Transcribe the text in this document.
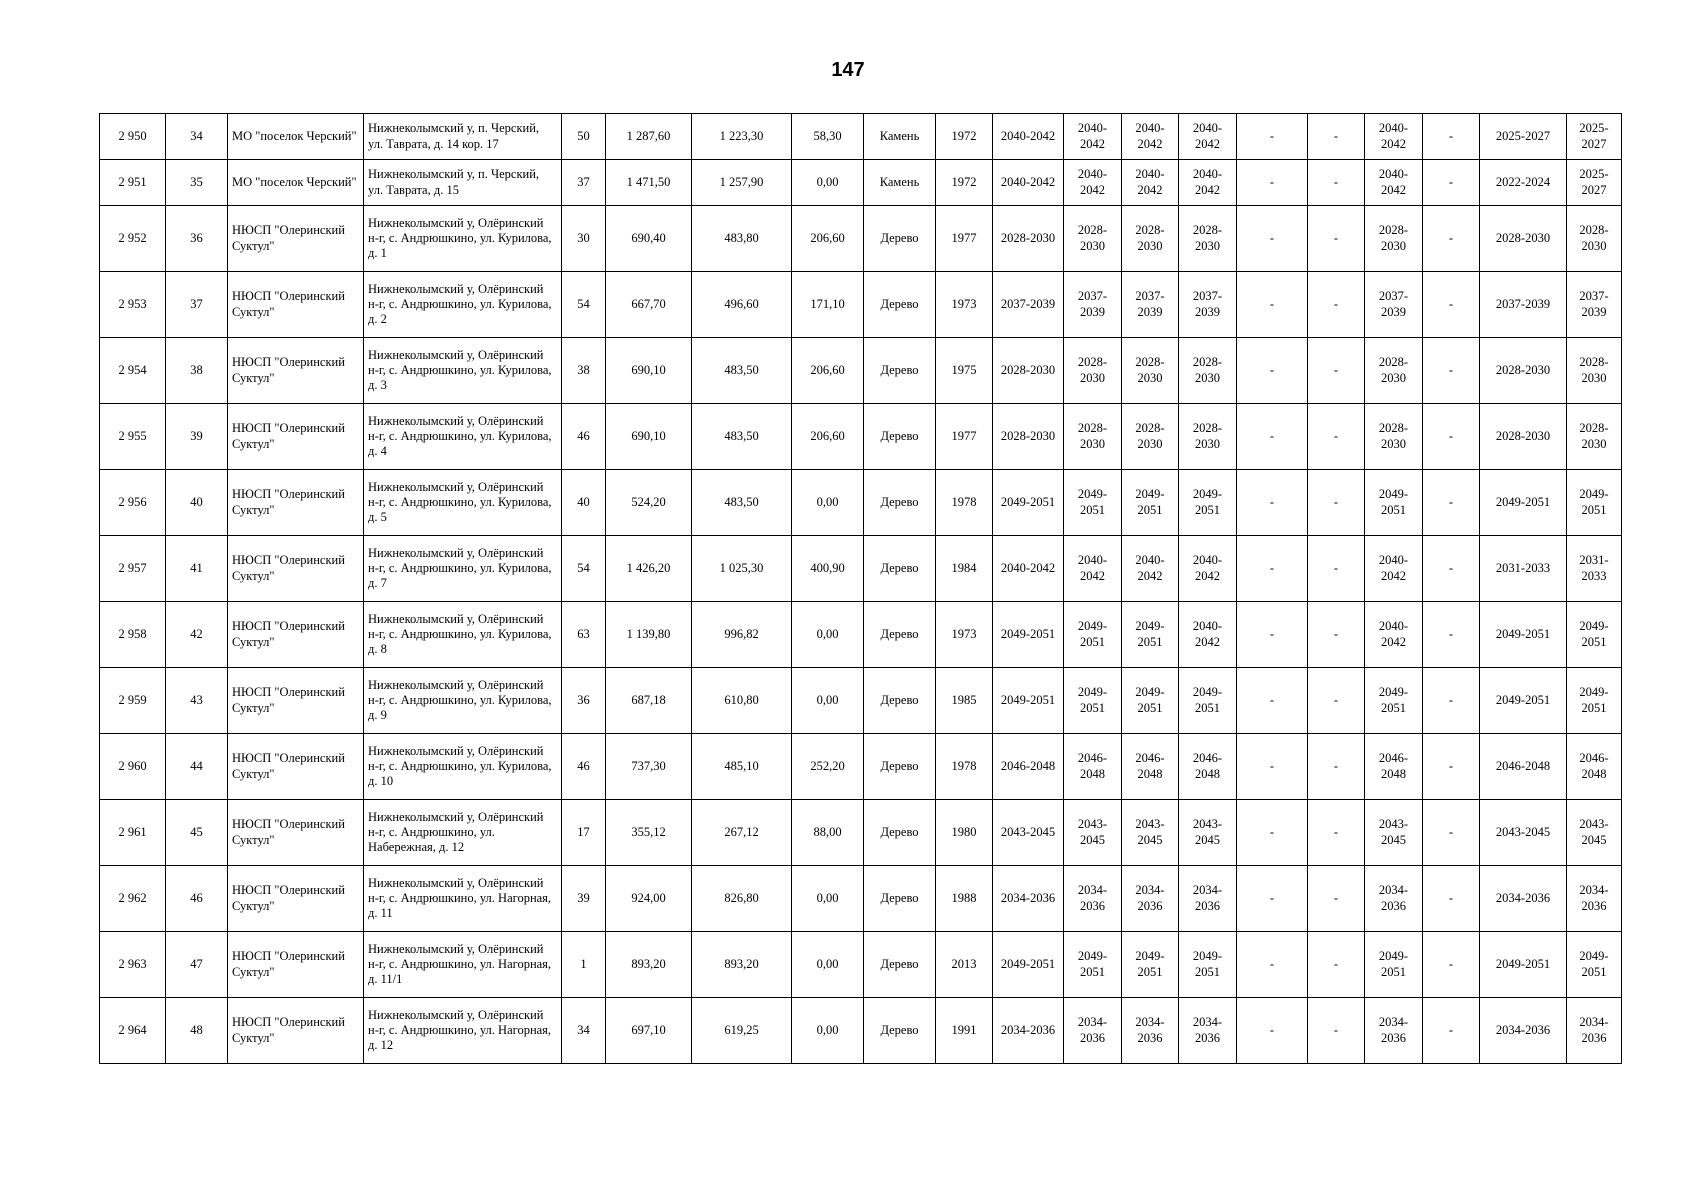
147
2 950	34	МО "поселок Черский"	Нижнеколымский у, п. Черский, ул. Таврата, д. 14 кор. 17	50	1 287,60	1 223,30	58,30	Камень	1972	2040-2042	2040-2042	2040-2042	2040-2042	-	-	2040-2042	-	2025-2027	2025-2027
2 951	35	МО "поселок Черский"	Нижнеколымский у, п. Черский, ул. Таврата, д. 15	37	1 471,50	1 257,90	0,00	Камень	1972	2040-2042	2040-2042	2040-2042	2040-2042	-	-	2040-2042	-	2022-2024	2025-2027
2 952	36	НЮСП "Олеринский Суктул"	Нижнеколымский у, Олёринский н-г, с. Андрюшкино, ул. Курилова, д. 1	30	690,40	483,80	206,60	Дерево	1977	2028-2030	2028-2030	2028-2030	2028-2030	-	-	2028-2030	-	2028-2030	2028-2030
2 953	37	НЮСП "Олеринский Суктул"	Нижнеколымский у, Олёринский н-г, с. Андрюшкино, ул. Курилова, д. 2	54	667,70	496,60	171,10	Дерево	1973	2037-2039	2037-2039	2037-2039	2037-2039	-	-	2037-2039	-	2037-2039	2037-2039
2 954	38	НЮСП "Олеринский Суктул"	Нижнеколымский у, Олёринский н-г, с. Андрюшкино, ул. Курилова, д. 3	38	690,10	483,50	206,60	Дерево	1975	2028-2030	2028-2030	2028-2030	2028-2030	-	-	2028-2030	-	2028-2030	2028-2030
2 955	39	НЮСП "Олеринский Суктул"	Нижнеколымский у, Олёринский н-г, с. Андрюшкино, ул. Курилова, д. 4	46	690,10	483,50	206,60	Дерево	1977	2028-2030	2028-2030	2028-2030	2028-2030	-	-	2028-2030	-	2028-2030	2028-2030
2 956	40	НЮСП "Олеринский Суктул"	Нижнеколымский у, Олёринский н-г, с. Андрюшкино, ул. Курилова, д. 5	40	524,20	483,50	0,00	Дерево	1978	2049-2051	2049-2051	2049-2051	2049-2051	-	-	2049-2051	-	2049-2051	2049-2051
2 957	41	НЮСП "Олеринский Суктул"	Нижнеколымский у, Олёринский н-г, с. Андрюшкино, ул. Курилова, д. 7	54	1 426,20	1 025,30	400,90	Дерево	1984	2040-2042	2040-2042	2040-2042	2040-2042	-	-	2040-2042	-	2031-2033	2031-2033
2 958	42	НЮСП "Олеринский Суктул"	Нижнеколымский у, Олёринский н-г, с. Андрюшкино, ул. Курилова, д. 8	63	1 139,80	996,82	0,00	Дерево	1973	2049-2051	2049-2051	2049-2051	2040-2042	-	-	2040-2042	-	2049-2051	2049-2051
2 959	43	НЮСП "Олеринский Суктул"	Нижнеколымский у, Олёринский н-г, с. Андрюшкино, ул. Курилова, д. 9	36	687,18	610,80	0,00	Дерево	1985	2049-2051	2049-2051	2049-2051	2049-2051	-	-	2049-2051	-	2049-2051	2049-2051
2 960	44	НЮСП "Олеринский Суктул"	Нижнеколымский у, Олёринский н-г, с. Андрюшкино, ул. Курилова, д. 10	46	737,30	485,10	252,20	Дерево	1978	2046-2048	2046-2048	2046-2048	2046-2048	-	-	2046-2048	-	2046-2048	2046-2048
2 961	45	НЮСП "Олеринский Суктул"	Нижнеколымский у, Олёринский н-г, с. Андрюшкино, ул. Набережная, д. 12	17	355,12	267,12	88,00	Дерево	1980	2043-2045	2043-2045	2043-2045	2043-2045	-	-	2043-2045	-	2043-2045	2043-2045
2 962	46	НЮСП "Олеринский Суктул"	Нижнеколымский у, Олёринский н-г, с. Андрюшкино, ул. Нагорная, д. 11	39	924,00	826,80	0,00	Дерево	1988	2034-2036	2034-2036	2034-2036	2034-2036	-	-	2034-2036	-	2034-2036	2034-2036
2 963	47	НЮСП "Олеринский Суктул"	Нижнеколымский у, Олёринский н-г, с. Андрюшкино, ул. Нагорная, д. 11/1	1	893,20	893,20	0,00	Дерево	2013	2049-2051	2049-2051	2049-2051	2049-2051	-	-	2049-2051	-	2049-2051	2049-2051
2 964	48	НЮСП "Олеринский Суктул"	Нижнеколымский у, Олёринский н-г, с. Андрюшкино, ул. Нагорная, д. 12	34	697,10	619,25	0,00	Дерево	1991	2034-2036	2034-2036	2034-2036	2034-2036	-	-	2034-2036	-	2034-2036	2034-2036
